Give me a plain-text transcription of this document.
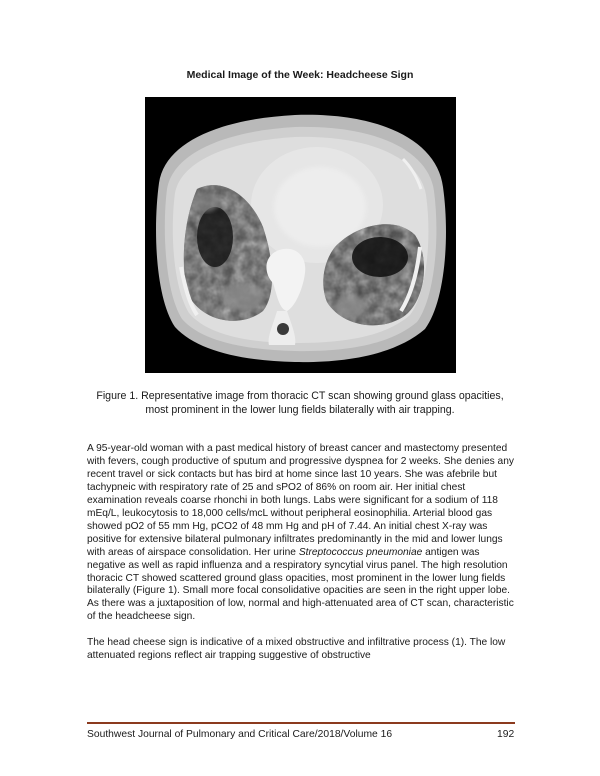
Medical Image of the Week: Headcheese Sign
Figure 1. Representative image from thoracic CT scan showing ground glass opacities, most prominent in the lower lung fields bilaterally with air trapping.

A 95-year-old woman with a past medical history of breast cancer and mastectomy presented with fevers, cough productive of sputum and progressive dyspnea for 2 weeks. She denies any recent travel or sick contacts but has bird at home since last 10 years. She was afebrile but tachypneic with respiratory rate of 25 and sPO2 of 86% on room air. Her initial chest examination reveals coarse rhonchi in both lungs. Labs were significant for a sodium of 118 mEq/L, leukocytosis to 18,000 cells/mcL without peripheral eosinophilia. Arterial blood gas showed pO2 of 55 mm Hg, pCO2 of 48 mm Hg and pH of 7.44. An initial chest X-ray was positive for extensive bilateral pulmonary infiltrates predominantly in the mid and lower lungs with areas of airspace consolidation. Her urine Streptococcus pneumoniae antigen was negative as well as rapid influenza and a respiratory syncytial virus panel. The high resolution thoracic CT showed scattered ground glass opacities, most prominent in the lower lung fields bilaterally (Figure 1). Small more focal consolidative opacities are seen in the right upper lobe. As there was a juxtaposition of low, normal and high-attenuated area of CT scan, characteristic of the headcheese sign.

The head cheese sign is indicative of a mixed obstructive and infiltrative process (1). The low attenuated regions reflect air trapping suggestive of obstructive

Southwest Journal of Pulmonary and Critical Care/2018/Volume 16	192
